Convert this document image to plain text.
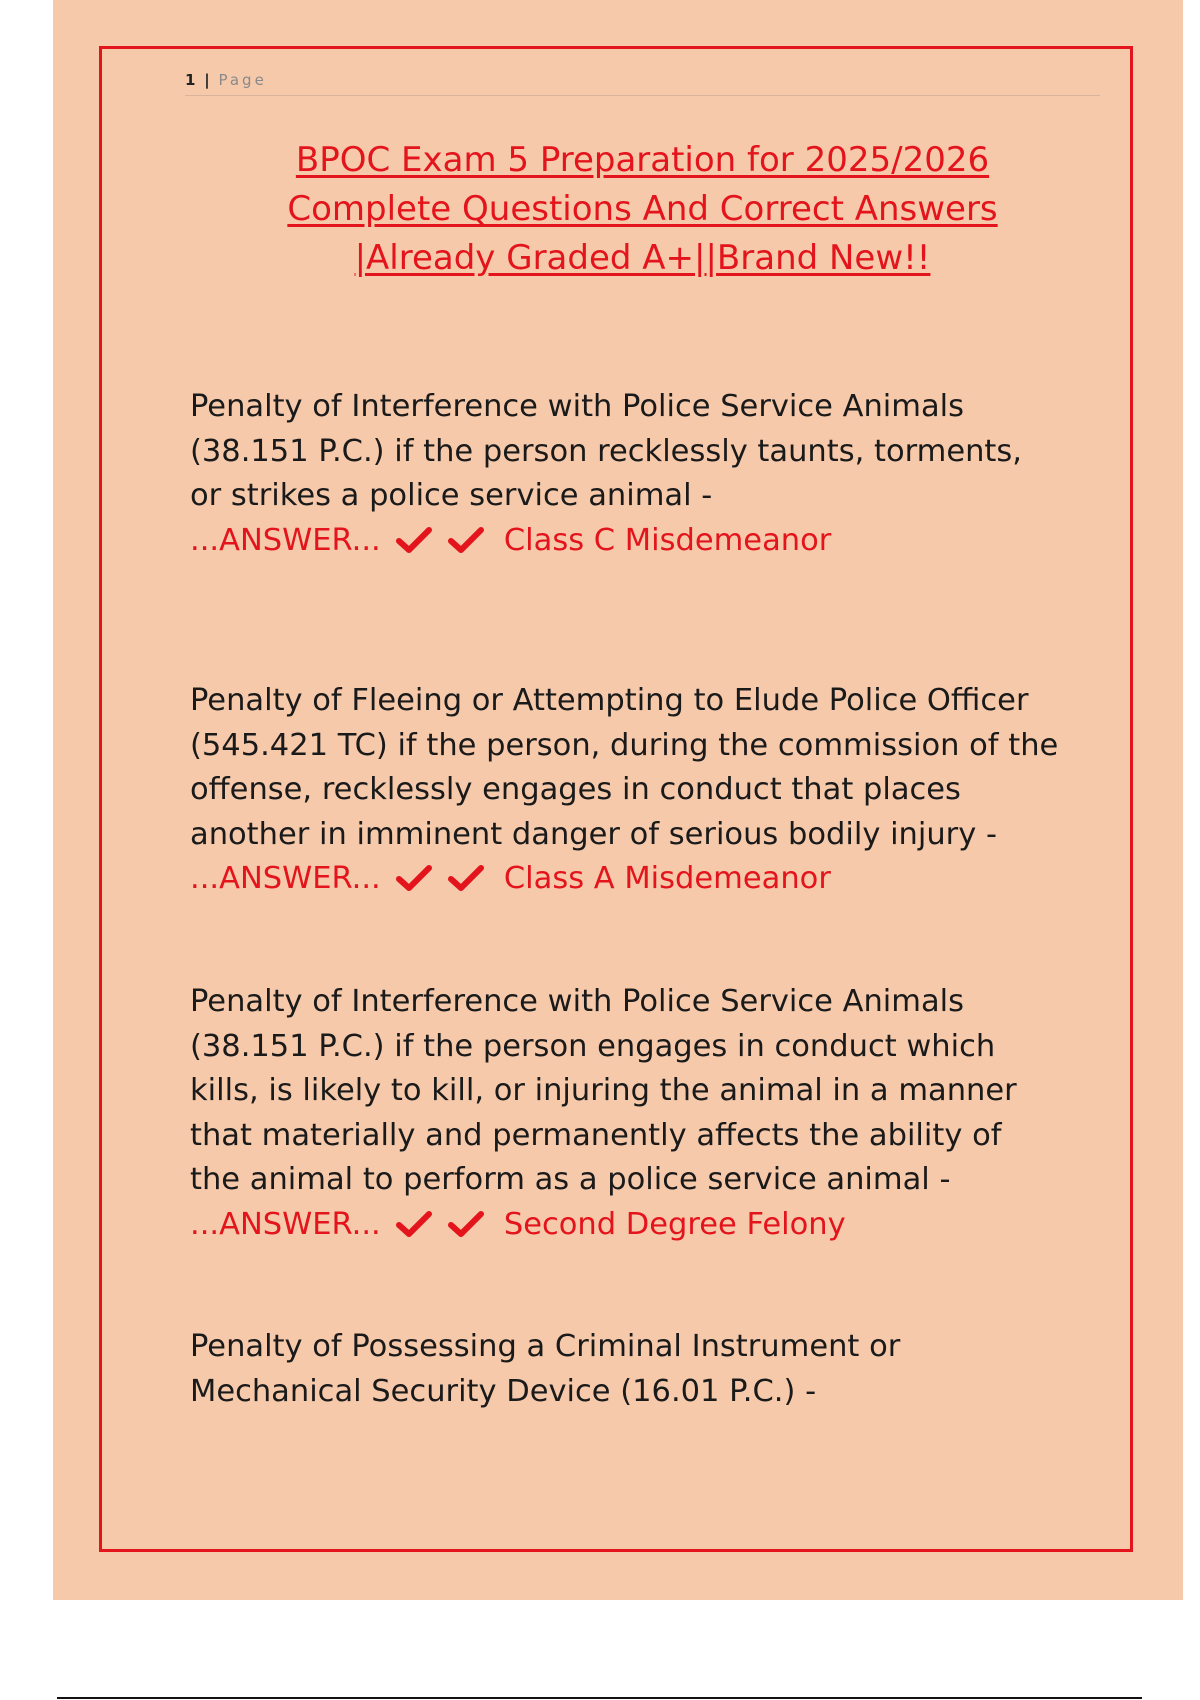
1 | Page
BPOC Exam 5 Preparation for 2025/2026
Complete Questions And Correct Answers
|Already Graded A+||Brand New!!
Penalty of Interference with Police Service Animals
(38.151 P.C.) if the person recklessly taunts, torments,
or strikes a police service animal -
...ANSWER...	Class C Misdemeanor
Penalty of Fleeing or Attempting to Elude Police Officer
(545.421 TC) if the person, during the commission of the
offense, recklessly engages in conduct that places
another in imminent danger of serious bodily injury -
...ANSWER...	Class A Misdemeanor
Penalty of Interference with Police Service Animals
(38.151 P.C.) if the person engages in conduct which
kills, is likely to kill, or injuring the animal in a manner
that materially and permanently affects the ability of
the animal to perform as a police service animal -
...ANSWER...	Second Degree Felony
Penalty of Possessing a Criminal Instrument or
Mechanical Security Device (16.01 P.C.) -
